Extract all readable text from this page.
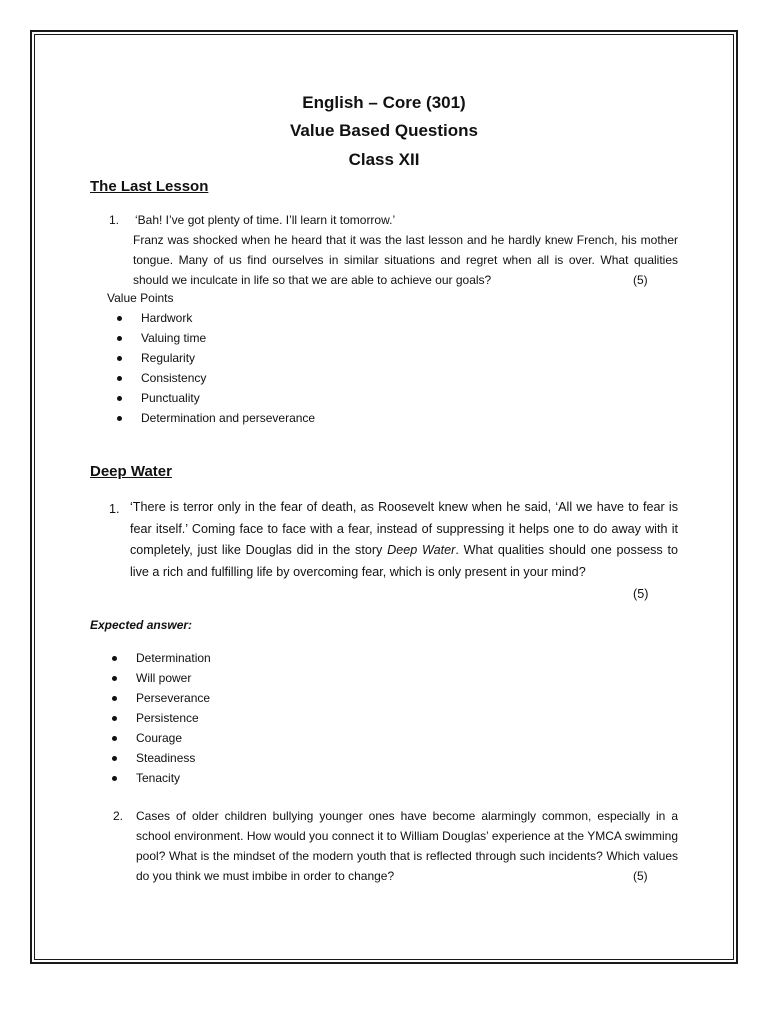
English – Core (301)
Value Based Questions
Class XII
The Last Lesson
1. ‘Bah! I’ve got plenty of time. I’ll learn it tomorrow.’
Franz was shocked when he heard that it was the last lesson and he hardly knew French, his mother tongue. Many of us find ourselves in similar situations and regret when all is over. What qualities should we inculcate in life so that we are able to achieve our goals?	(5)
Value Points
Hardwork
Valuing time
Regularity
Consistency
Punctuality
Determination and perseverance
Deep Water
1. ‘There is terror only in the fear of death, as Roosevelt knew when he said, ‘All we have to fear is fear itself.’ Coming face to face with a fear, instead of suppressing it helps one to do away with it completely, just like Douglas did in the story Deep Water. What qualities should one possess to live a rich and fulfilling life by overcoming fear, which is only present in your mind?
(5)
Expected answer:
Determination
Will power
Perseverance
Persistence
Courage
Steadiness
Tenacity
2. Cases of older children bullying younger ones have become alarmingly common, especially in a school environment. How would you connect it to William Douglas’ experience at the YMCA swimming pool? What is the mindset of the modern youth that is reflected through such incidents? Which values do you think we must imbibe in order to change?	(5)
